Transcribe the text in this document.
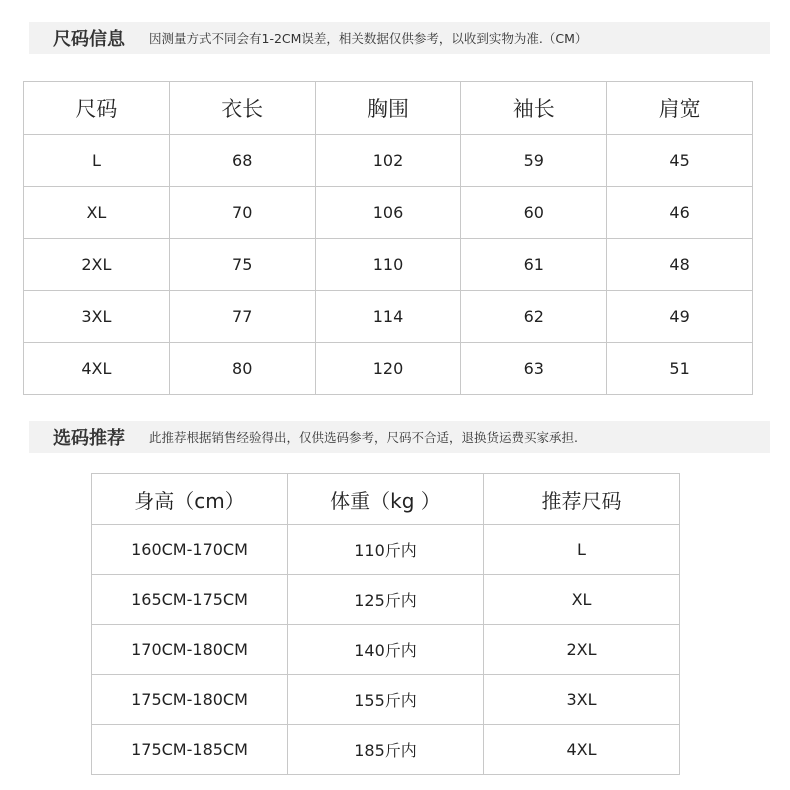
尺码信息 因测量方式不同会有1-2CM误差，相关数据仅供参考，以收到实物为准.（CM）
尺码	衣长	胸围	袖长	肩宽
L	68	102	59	45
XL	70	106	60	46
2XL	75	110	61	48
3XL	77	114	62	49
4XL	80	120	63	51
选码推荐 此推荐根据销售经验得出，仅供选码参考，尺码不合适，退换货运费买家承担.
身高（cm）	体重（kg ）	推荐尺码
160CM-170CM	110斤内	L
165CM-175CM	125斤内	XL
170CM-180CM	140斤内	2XL
175CM-180CM	155斤内	3XL
175CM-185CM	185斤内	4XL
